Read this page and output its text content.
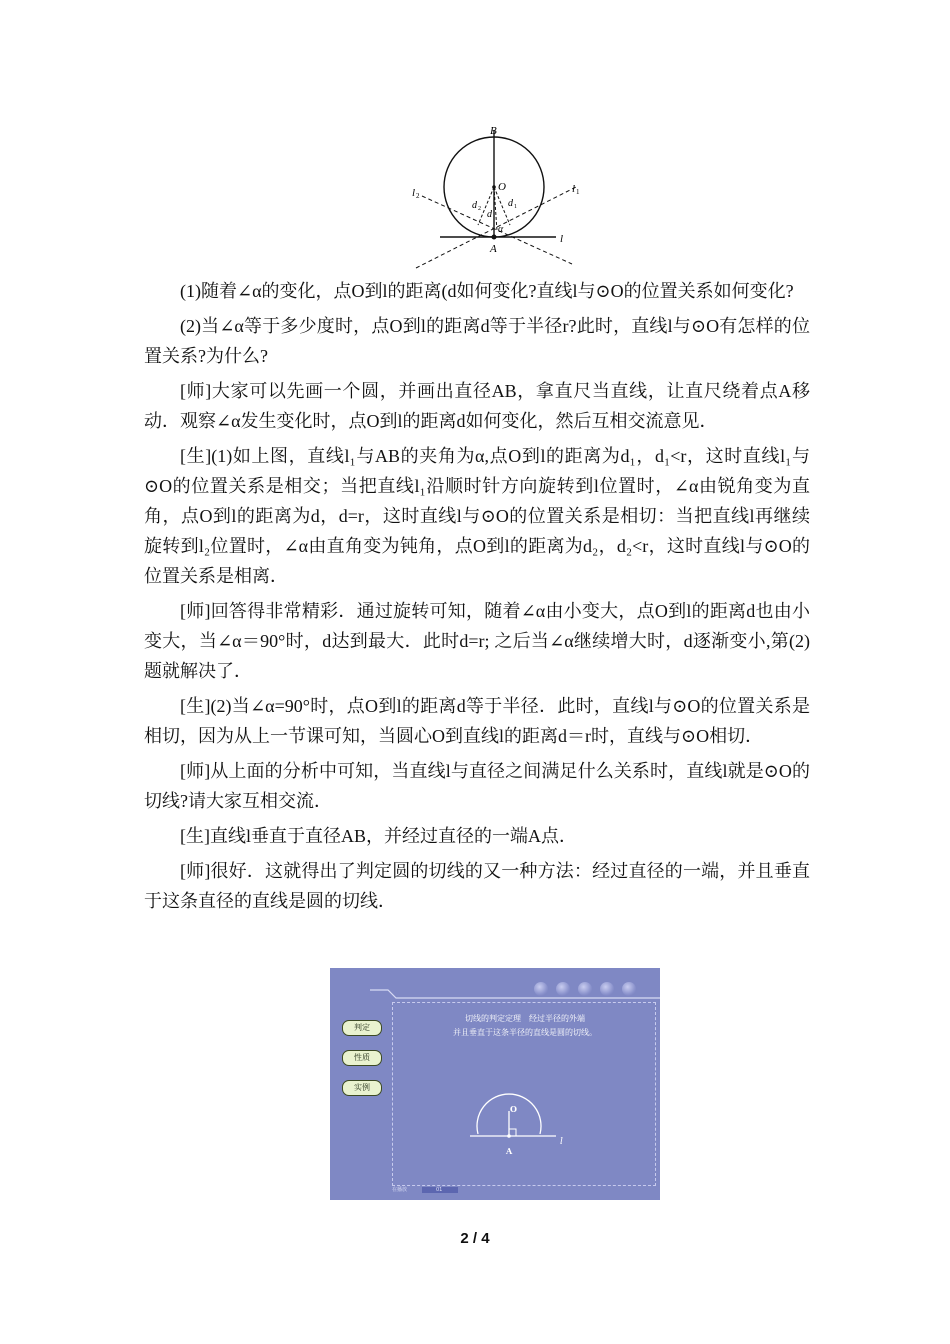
B
O
A
l
l 1
l 2
d
d 1
d 2
α

(1)随着∠α的变化，点O到l的距离(d如何变化?直线l与⊙O的位置关系如何变化?

(2)当∠α等于多少度时，点O到l的距离d等于半径r?此时，直线l与⊙O有怎样的位置关系?为什么?

[师]大家可以先画一个圆，并画出直径AB，拿直尺当直线，让直尺绕着点A移动．观察∠α发生变化时，点O到l的距离d如何变化，然后互相交流意见．

[生](1)如上图，直线l₁与AB的夹角为α,点O到l的距离为d₁，d₁<r，这时直线l₁与⊙O的位置关系是相交；当把直线l₁沿顺时针方向旋转到l位置时，∠α由锐角变为直角，点O到l的距离为d，d=r，这时直线l与⊙O的位置关系是相切：当把直线l再继续旋转到l₂位置时，∠α由直角变为钝角，点O到l的距离为d₂，d₂<r，这时直线l与⊙O的位置关系是相离．

[师]回答得非常精彩．通过旋转可知，随着∠α由小变大，点O到l的距离d也由小变大，当∠α＝90°时，d达到最大．此时d=r; 之后当∠α继续增大时，d逐渐变小,第(2)题就解决了．

[生](2)当∠α=90°时，点O到l的距离d等于半径．此时，直线l与⊙O的位置关系是相切，因为从上一节课可知，当圆心O到直线l的距离d＝r时，直线与⊙O相切．

[师]从上面的分析中可知，当直线l与直径之间满足什么关系时，直线l就是⊙O的切线?请大家互相交流．

[生]直线l垂直于直径AB，并经过直径的一端A点．

[师]很好．这就得出了判定圆的切线的又一种方法：经过直径的一端，并且垂直于这条直径的直线是圆的切线．

O
A
l
判定
性质
实例
切线的判定定理　经过半径的外端
并且垂直于这条半径的直线是圆的切线。
在播放	01
2 / 4
